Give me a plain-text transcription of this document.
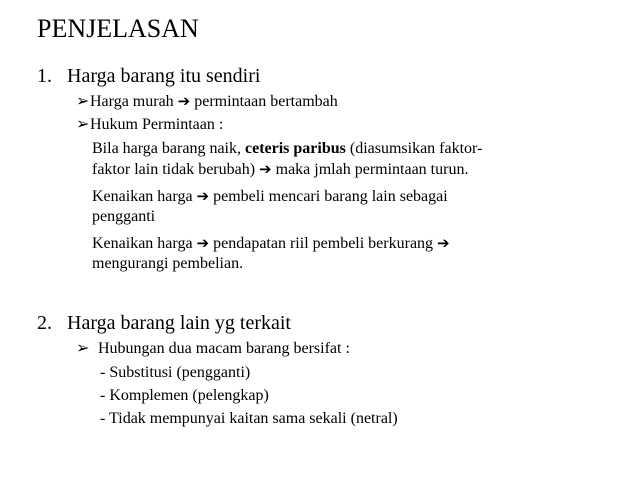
PENJELASAN
1. Harga barang itu sendiri
➢Harga murah ➔ permintaan bertambah
➢Hukum Permintaan :
Bila harga barang naik, ceteris paribus (diasumsikan faktor-
faktor lain tidak berubah) ➔ maka jmlah permintaan turun.
Kenaikan harga ➔ pembeli mencari barang lain sebagai
pengganti
Kenaikan harga ➔ pendapatan riil pembeli berkurang ➔
mengurangi pembelian.
2. Harga barang lain yg terkait
➢ Hubungan dua macam barang bersifat :
- Substitusi (pengganti)
- Komplemen (pelengkap)
- Tidak mempunyai kaitan sama sekali (netral)
